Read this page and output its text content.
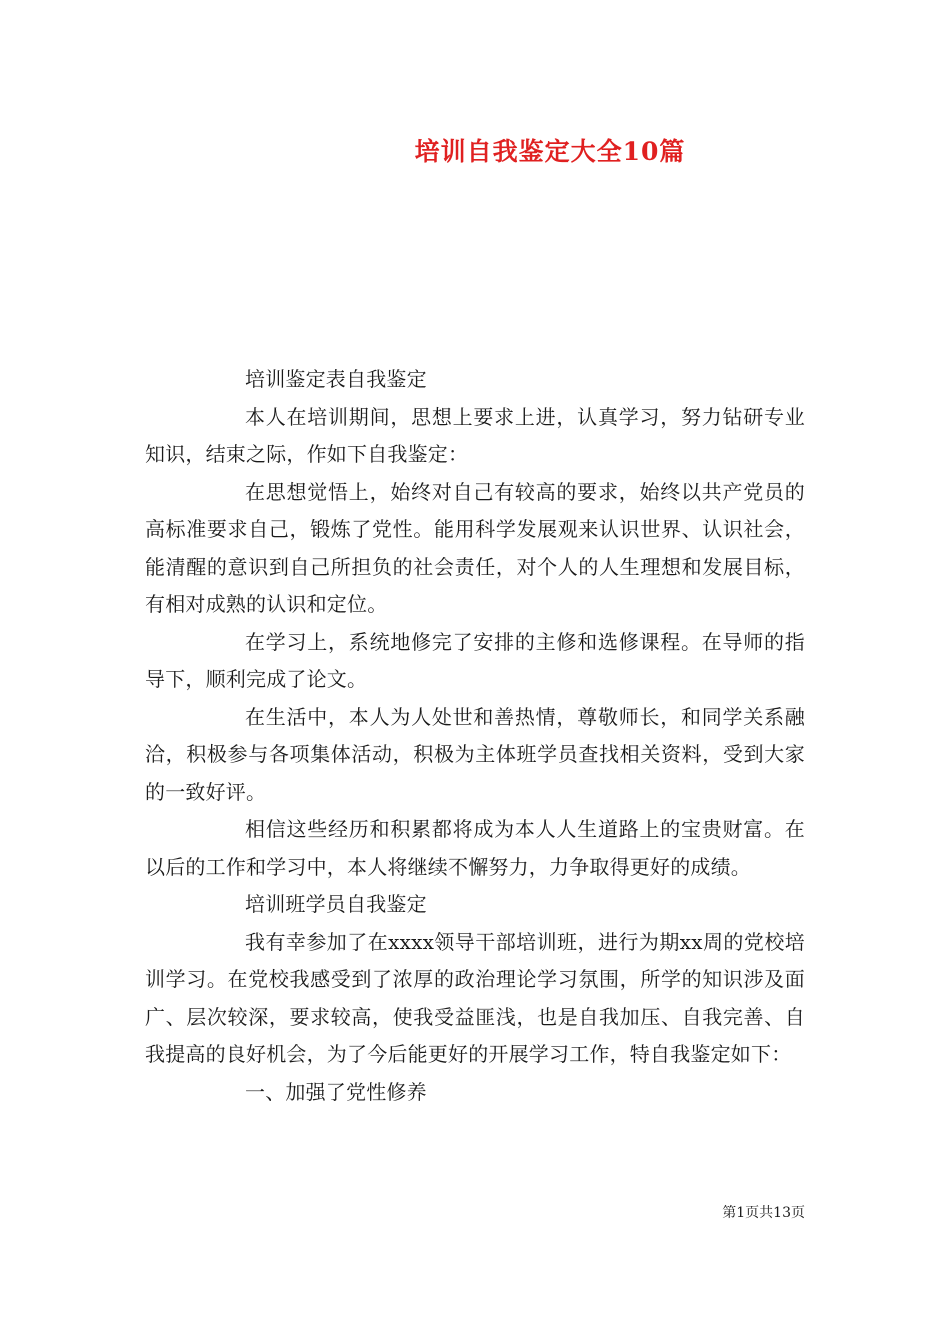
培训自我鉴定大全10篇

培训鉴定表自我鉴定

本人在培训期间，思想上要求上进，认真学习，努力钻研专业知识，结束之际，作如下自我鉴定：

在思想觉悟上，始终对自己有较高的要求，始终以共产党员的高标准要求自己，锻炼了党性。能用科学发展观来认识世界、认识社会，能清醒的意识到自己所担负的社会责任，对个人的人生理想和发展目标，有相对成熟的认识和定位。

在学习上，系统地修完了安排的主修和选修课程。在导师的指导下，顺利完成了论文。

在生活中，本人为人处世和善热情，尊敬师长，和同学关系融洽，积极参与各项集体活动，积极为主体班学员查找相关资料，受到大家的一致好评。

相信这些经历和积累都将成为本人人生道路上的宝贵财富。在以后的工作和学习中，本人将继续不懈努力，力争取得更好的成绩。

培训班学员自我鉴定

我有幸参加了在xxxx领导干部培训班，进行为期xx周的党校培训学习。在党校我感受到了浓厚的政治理论学习氛围，所学的知识涉及面广、层次较深，要求较高，使我受益匪浅，也是自我加压、自我完善、自我提高的良好机会，为了今后能更好的开展学习工作，特自我鉴定如下：

一、加强了党性修养

第1页共13页
